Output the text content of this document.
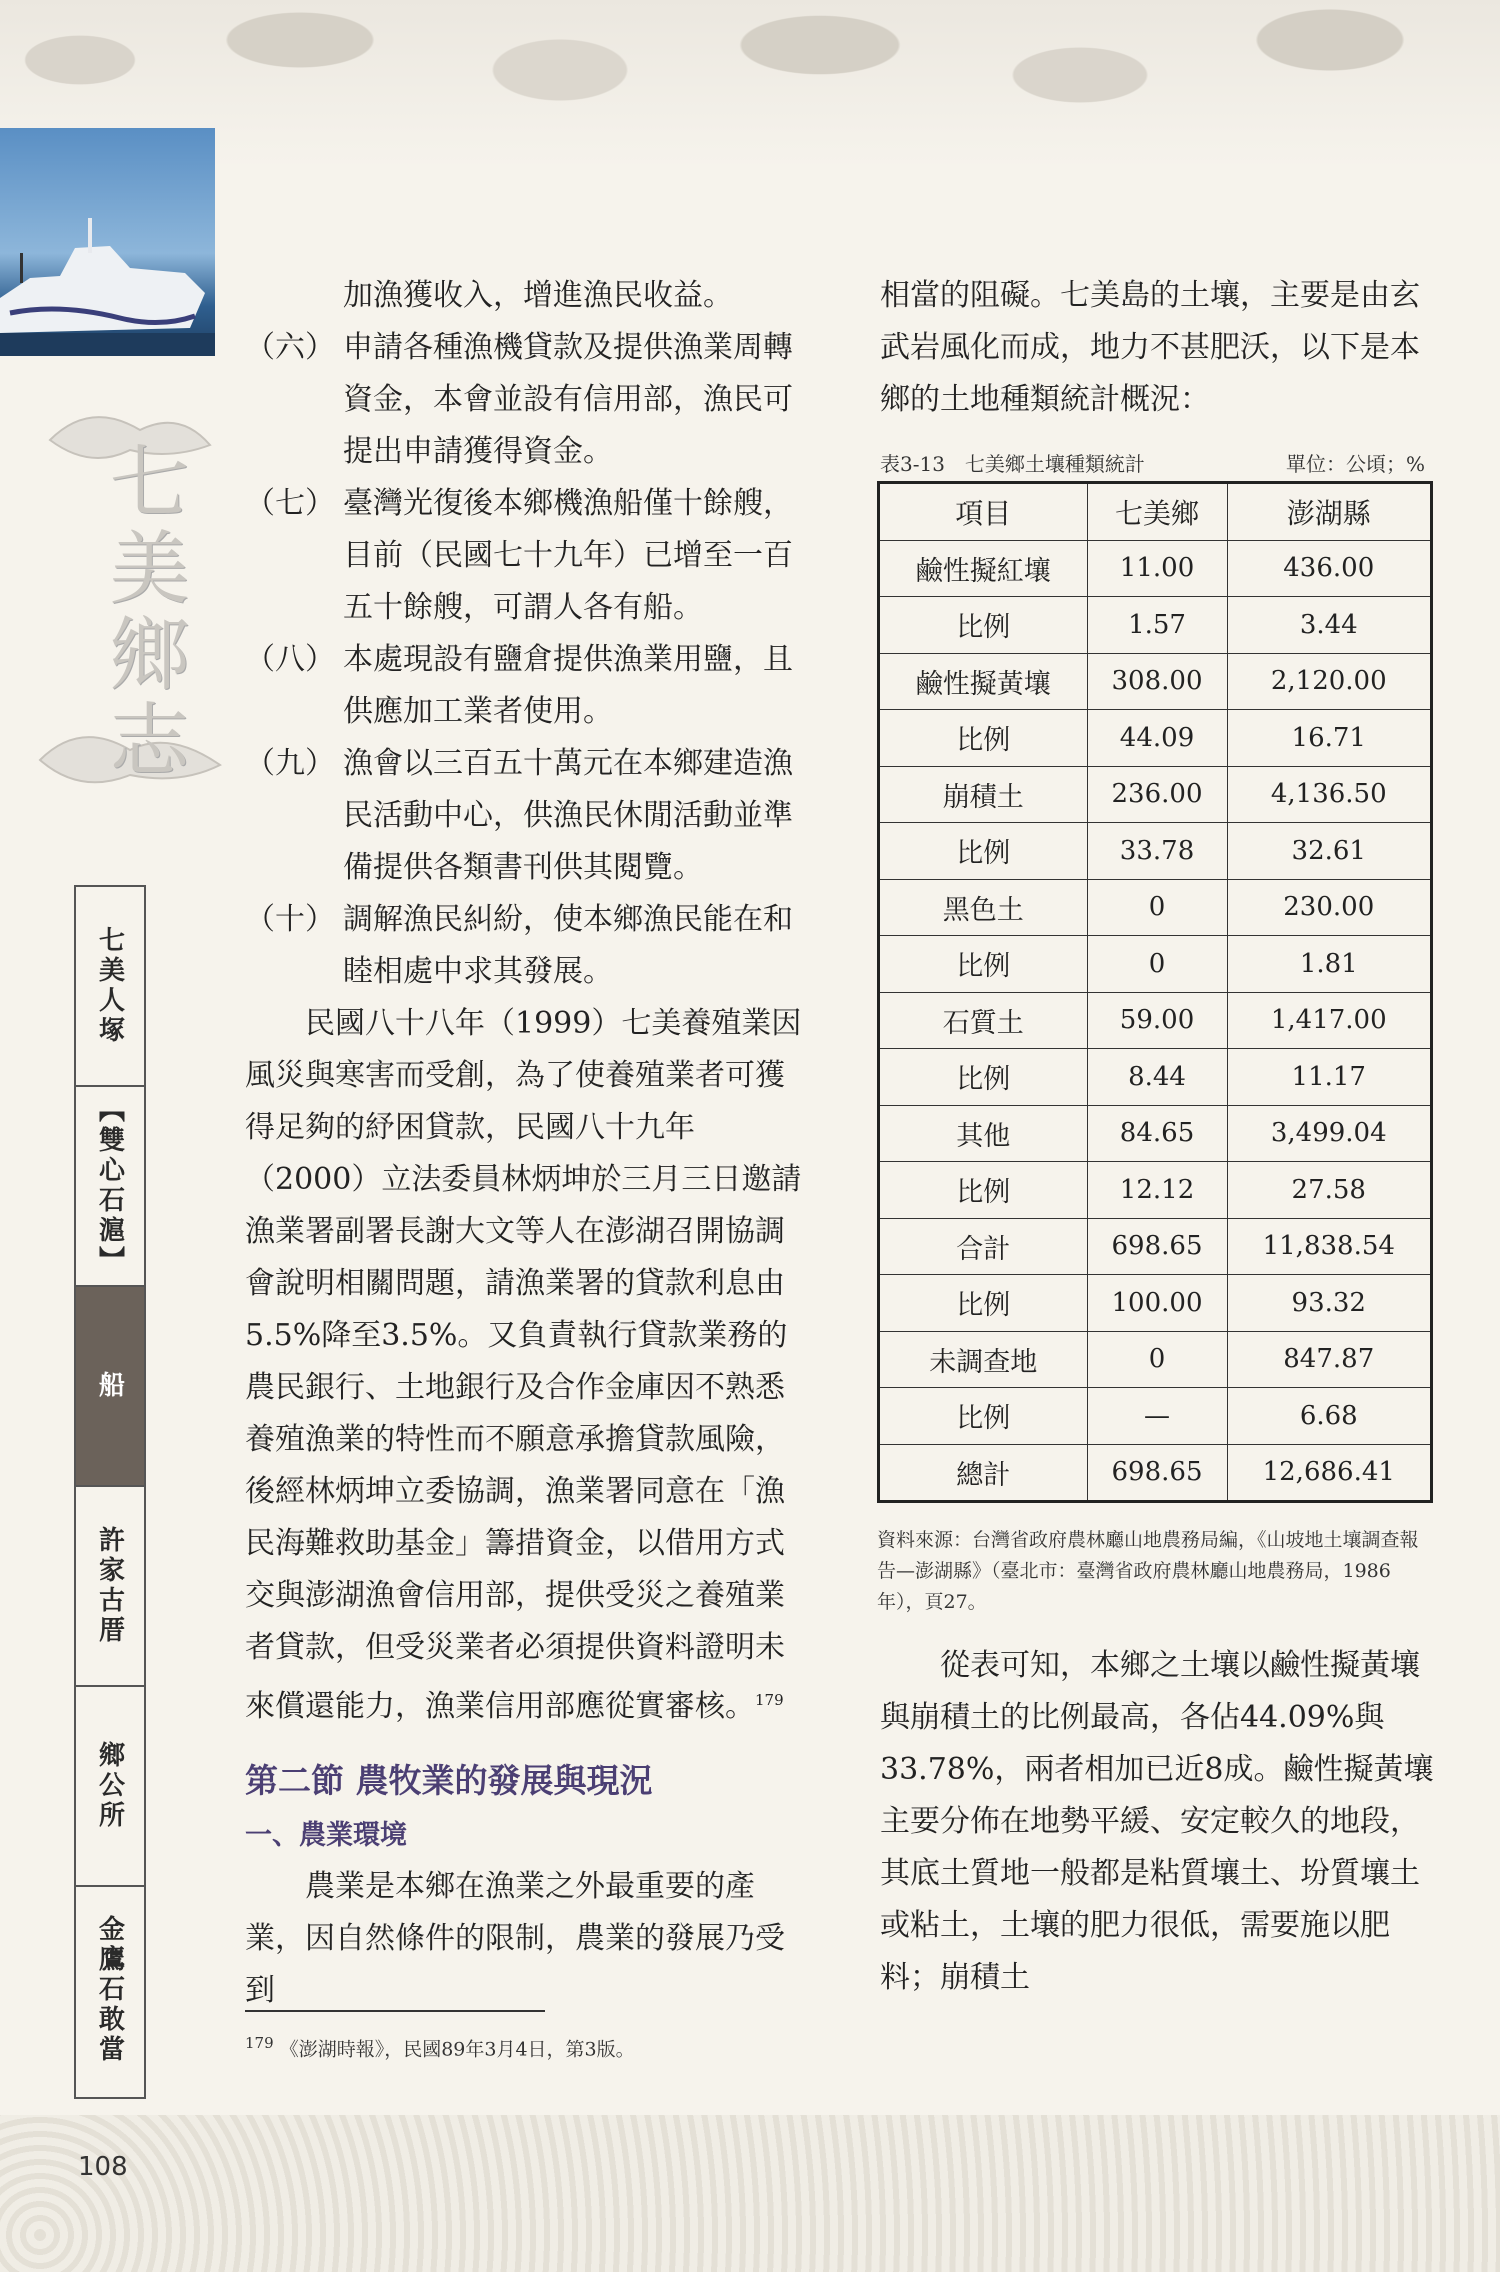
七美鄉志
七美人塚
【雙心石滬】
船
許家古厝
鄉公所
金鷹石敢當

加漁獲收入，增進漁民收益。

（六） 申請各種漁機貸款及提供漁業周轉資金，本會並設有信用部，漁民可提出申請獲得資金。
（七） 臺灣光復後本鄉機漁船僅十餘艘，目前（民國七十九年）已增至一百五十餘艘，可謂人各有船。
（八） 本處現設有鹽倉提供漁業用鹽，且供應加工業者使用。
（九） 漁會以三百五十萬元在本鄉建造漁民活動中心，供漁民休閒活動並準備提供各類書刊供其閱覽。
（十） 調解漁民糾紛，使本鄉漁民能在和睦相處中求其發展。

民國八十八年（1999）七美養殖業因風災與寒害而受創，為了使養殖業者可獲得足夠的紓困貸款，民國八十九年（2000）立法委員林炳坤於三月三日邀請漁業署副署長謝大文等人在澎湖召開協調會說明相關問題，請漁業署的貸款利息由5.5%降至3.5%。又負責執行貸款業務的農民銀行、土地銀行及合作金庫因不熟悉養殖漁業的特性而不願意承擔貸款風險，後經林炳坤立委協調，漁業署同意在「漁民海難救助基金」籌措資金，以借用方式交與澎湖漁會信用部，提供受災之養殖業者貸款，但受災業者必須提供資料證明未來償還能力，漁業信用部應從實審核。$^{179}$

第二節 農牧業的發展與現況
一、農業環境

農業是本鄉在漁業之外最重要的產業，因自然條件的限制，農業的發展乃受到

相當的阻礙。七美島的土壤，主要是由玄武岩風化而成，地力不甚肥沃，以下是本鄉的土地種類統計概況：

表3-13　七美鄉土壤種類統計	單位：公頃；%
項目	七美鄉	澎湖縣
鹼性擬紅壤	11.00	436.00
比例	1.57	3.44
鹼性擬黃壤	308.00	2,120.00
比例	44.09	16.71
崩積土	236.00	4,136.50
比例	33.78	32.61
黑色土	0	230.00
比例	0	1.81
石質土	59.00	1,417.00
比例	8.44	11.17
其他	84.65	3,499.04
比例	12.12	27.58
合計	698.65	11,838.54
比例	100.00	93.32
未調查地	0	847.87
比例	—	6.68
總計	698.65	12,686.41
資料來源：台灣省政府農林廳山地農務局編，《山坡地土壤調查報告—澎湖縣》（臺北市：臺灣省政府農林廳山地農務局，1986年），頁27。

從表可知，本鄉之土壤以鹼性擬黃壤與崩積土的比例最高，各佔44.09%與33.78%，兩者相加已近8成。鹼性擬黃壤主要分佈在地勢平緩、安定較久的地段，其底土質地一般都是粘質壤土、坋質壤土或粘土，土壤的肥力很低，需要施以肥料；崩積土

$^{179}$ 《澎湖時報》，民國89年3月4日，第3版。
108
